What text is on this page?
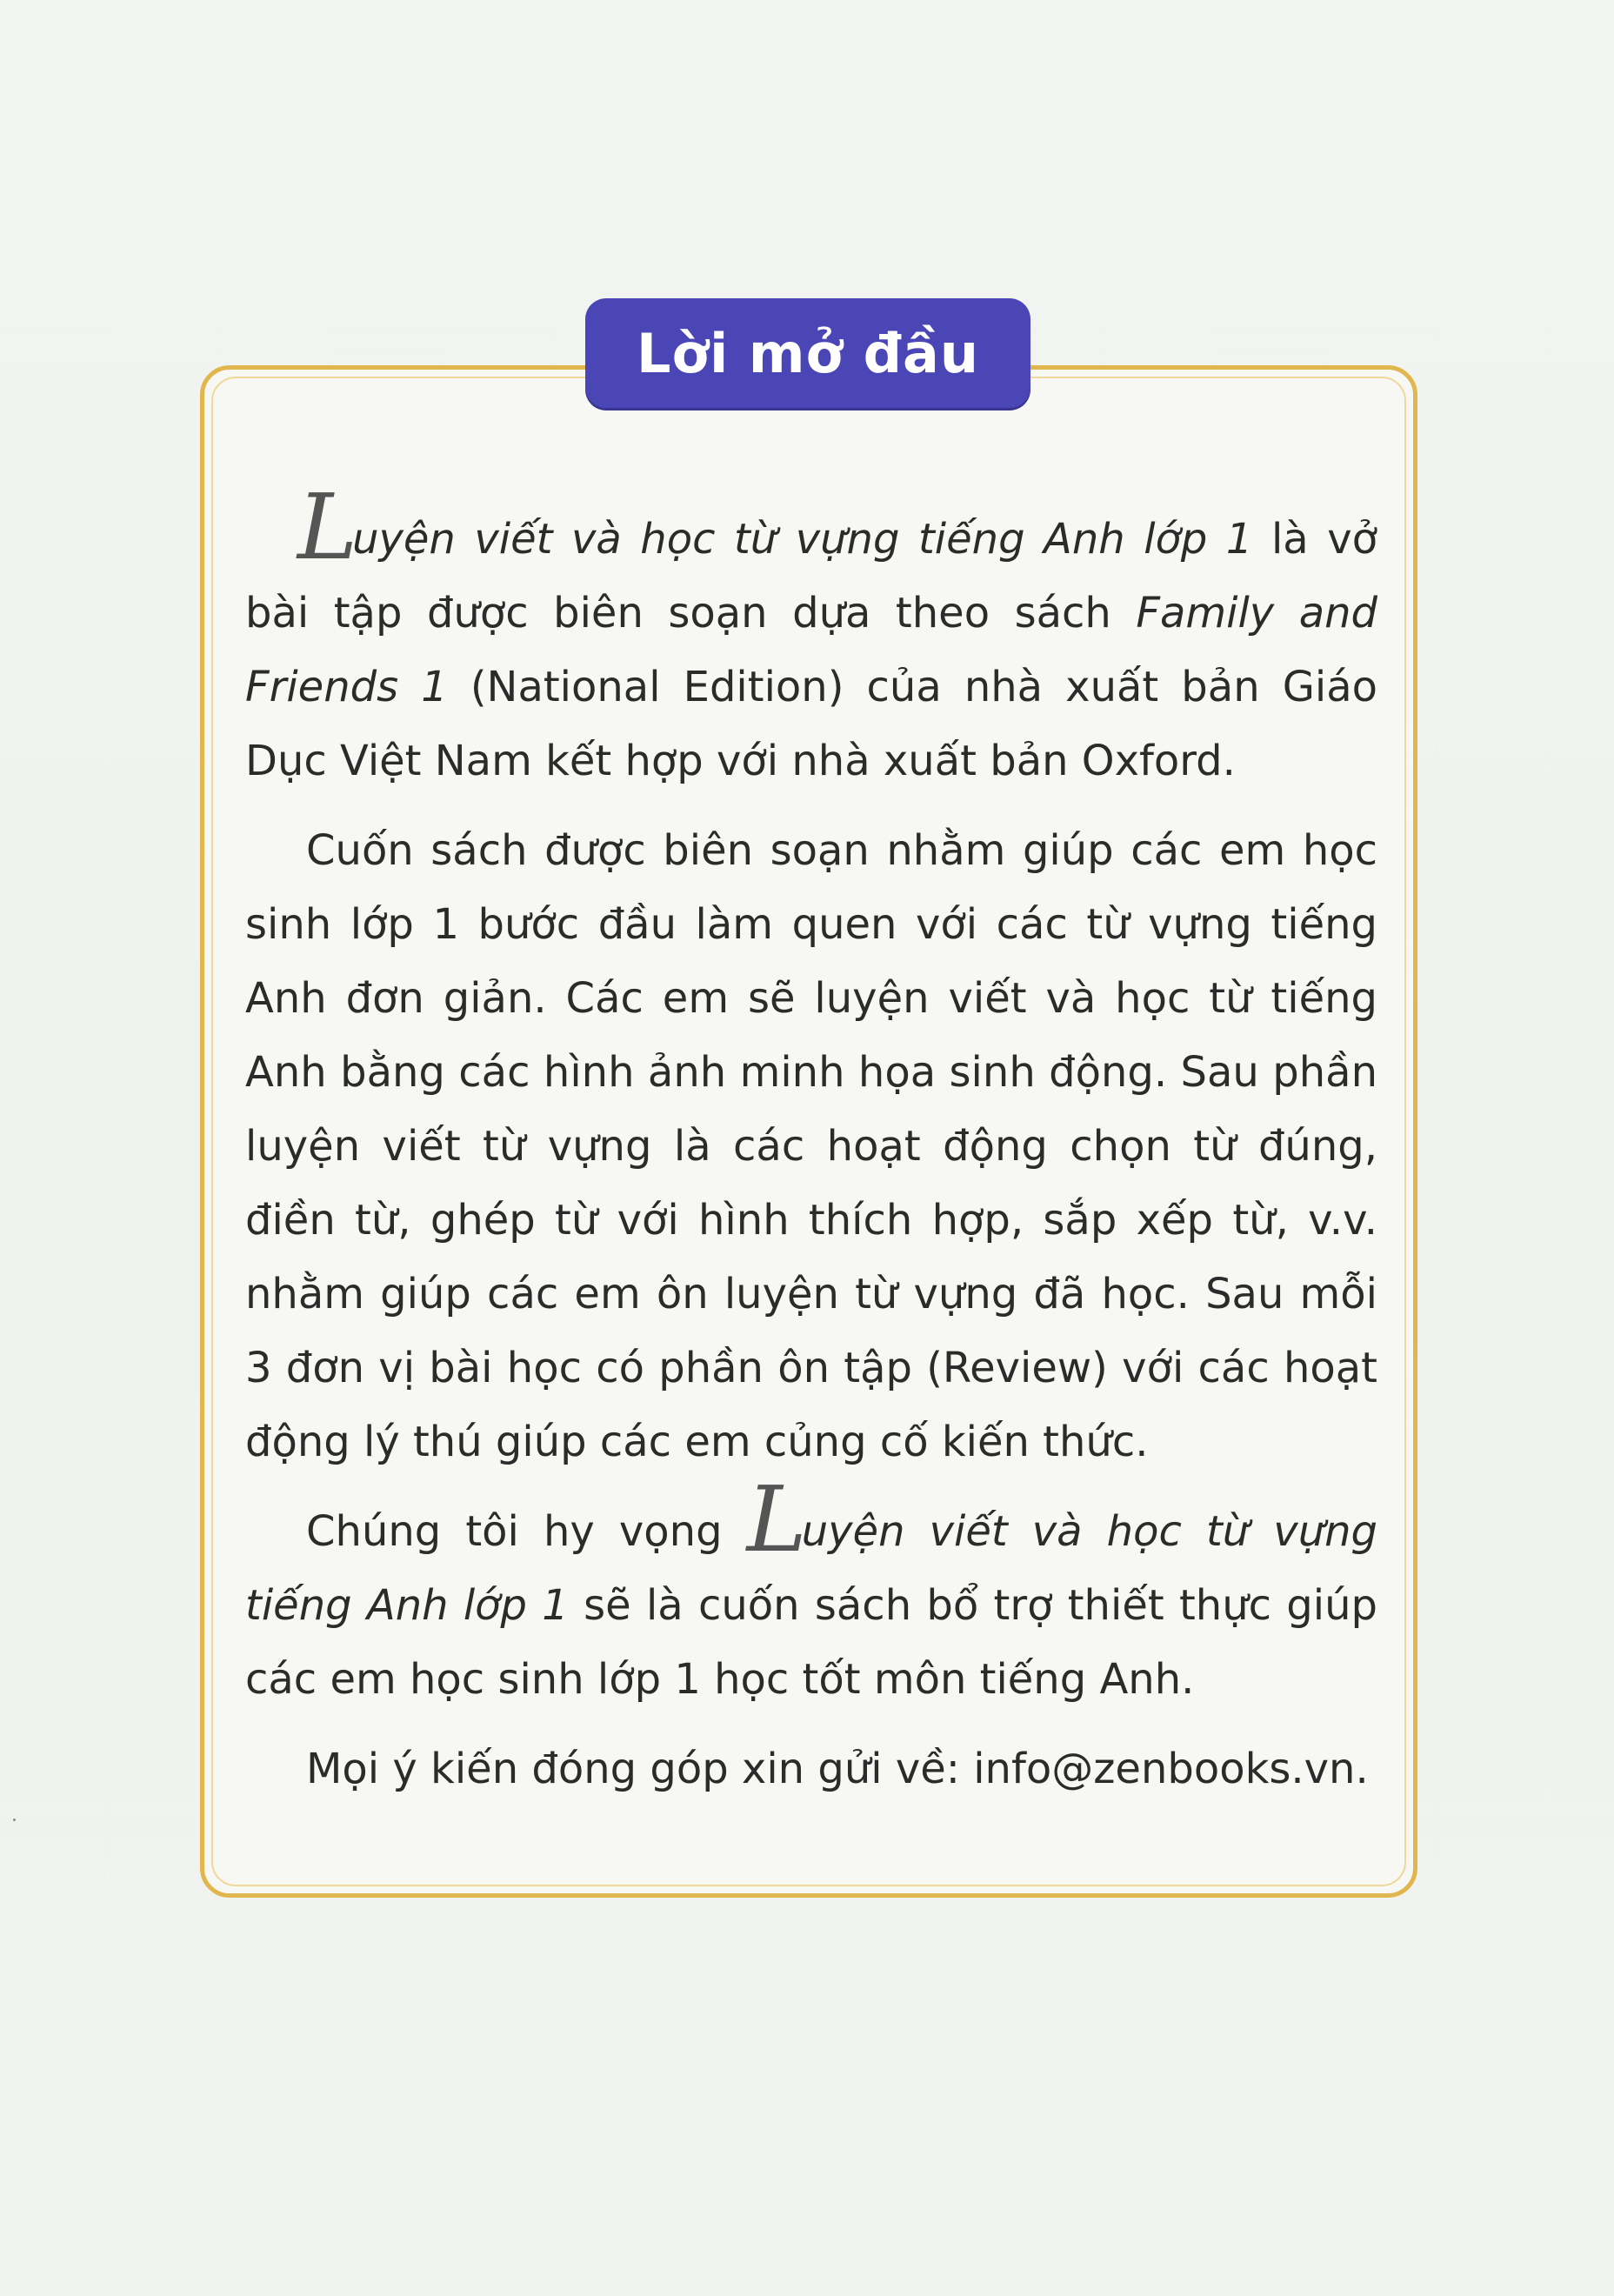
Lời mở đầu

Luyện viết và học từ vựng tiếng Anh lớp 1 là vở bài tập được biên soạn dựa theo sách Family and Friends 1 (National Edition) của nhà xuất bản Giáo Dục Việt Nam kết hợp với nhà xuất bản Oxford.

Cuốn sách được biên soạn nhằm giúp các em học sinh lớp 1 bước đầu làm quen với các từ vựng tiếng Anh đơn giản. Các em sẽ luyện viết và học từ tiếng Anh bằng các hình ảnh minh họa sinh động. Sau phần luyện viết từ vựng là các hoạt động chọn từ đúng, điền từ, ghép từ với hình thích hợp, sắp xếp từ, v.v. nhằm giúp các em ôn luyện từ vựng đã học. Sau mỗi 3 đơn vị bài học có phần ôn tập (Review) với các hoạt động lý thú giúp các em củng cố kiến thức.

Chúng tôi hy vọng Luyện viết và học từ vựng tiếng Anh lớp 1 sẽ là cuốn sách bổ trợ thiết thực giúp các em học sinh lớp 1 học tốt môn tiếng Anh.

Mọi ý kiến đóng góp xin gửi về: info@zenbooks.vn.
